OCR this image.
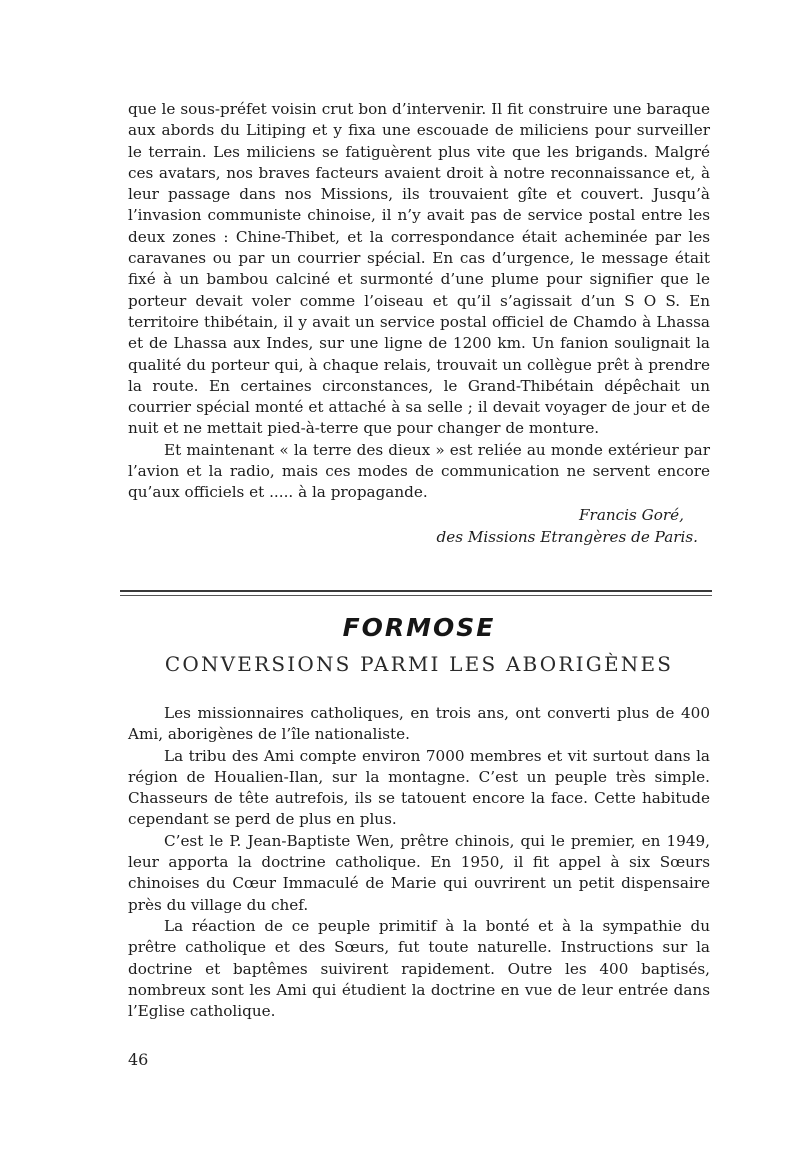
que le sous-préfet voisin crut bon d’intervenir. Il fit construire une baraque aux abords du Litiping et y fixa une escouade de miliciens pour surveiller le terrain. Les miliciens se fatiguèrent plus vite que les brigands. Malgré ces avatars, nos braves facteurs avaient droit à notre reconnaissance et, à leur passage dans nos Missions, ils trouvaient gîte et couvert. Jusqu’à l’invasion communiste chinoise, il n’y avait pas de service postal entre les deux zones : Chine-Thibet, et la correspondance était acheminée par les caravanes ou par un courrier spécial. En cas d’urgence, le message était fixé à un bambou calciné et surmonté d’une plume pour signifier que le porteur devait voler comme l’oiseau et qu’il s’agissait d’un S O S. En territoire thibétain, il y avait un service postal officiel de Chamdo à Lhassa et de Lhassa aux Indes, sur une ligne de 1200 km. Un fanion soulignait la qualité du porteur qui, à chaque relais, trouvait un collègue prêt à prendre la route. En certaines circonstances, le Grand-Thibétain dépêchait un courrier spécial monté et attaché à sa selle ; il devait voyager de jour et de nuit et ne mettait pied-à-terre que pour changer de monture.

Et maintenant « la terre des dieux » est reliée au monde extérieur par l’avion et la radio, mais ces modes de communication ne servent encore qu’aux officiels et ..... à la propagande.

Francis Goré,

des Missions Etrangères de Paris.

FORMOSE
CONVERSIONS PARMI LES ABORIGÈNES

Les missionnaires catholiques, en trois ans, ont converti plus de 400 Ami, aborigènes de l’île nationaliste.

La tribu des Ami compte environ 7000 membres et vit surtout dans la région de Houalien-Ilan, sur la montagne. C’est un peuple très simple. Chasseurs de tête autrefois, ils se tatouent encore la face. Cette habitude cependant se perd de plus en plus.

C’est le P. Jean-Baptiste Wen, prêtre chinois, qui le premier, en 1949, leur apporta la doctrine catholique. En 1950, il fit appel à six Sœurs chinoises du Cœur Immaculé de Marie qui ouvrirent un petit dispensaire près du village du chef.

La réaction de ce peuple primitif à la bonté et à la sympathie du prêtre catholique et des Sœurs, fut toute naturelle. Instructions sur la doctrine et baptêmes suivirent rapidement. Outre les 400 baptisés, nombreux sont les Ami qui étudient la doctrine en vue de leur entrée dans l’Eglise catholique.

46
